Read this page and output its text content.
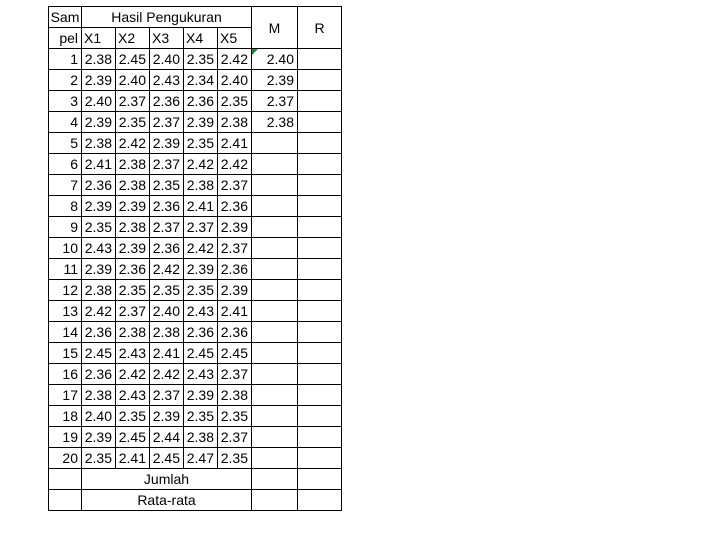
Sam	Hasil Pengukuran					M	R
pel	X1	X2	X3	X4	X5		
1	2.38	2.45	2.40	2.35	2.42	2.40

2	2.39	2.40	2.43	2.34	2.40	2.39	
3	2.40	2.37	2.36	2.36	2.35	2.37	
4	2.39	2.35	2.37	2.39	2.38	2.38	
5	2.38	2.42	2.39	2.35	2.41		
6	2.41	2.38	2.37	2.42	2.42		
7	2.36	2.38	2.35	2.38	2.37		
8	2.39	2.39	2.36	2.41	2.36		
9	2.35	2.38	2.37	2.37	2.39		
10	2.43	2.39	2.36	2.42	2.37		
11	2.39	2.36	2.42	2.39	2.36		
12	2.38	2.35	2.35	2.35	2.39		
13	2.42	2.37	2.40	2.43	2.41		
14	2.36	2.38	2.38	2.36	2.36		
15	2.45	2.43	2.41	2.45	2.45		
16	2.36	2.42	2.42	2.43	2.37		
17	2.38	2.43	2.37	2.39	2.38		
18	2.40	2.35	2.39	2.35	2.35		
19	2.39	2.45	2.44	2.38	2.37		
20	2.35	2.41	2.45	2.47	2.35		
	Jumlah						
	Rata-rata						
